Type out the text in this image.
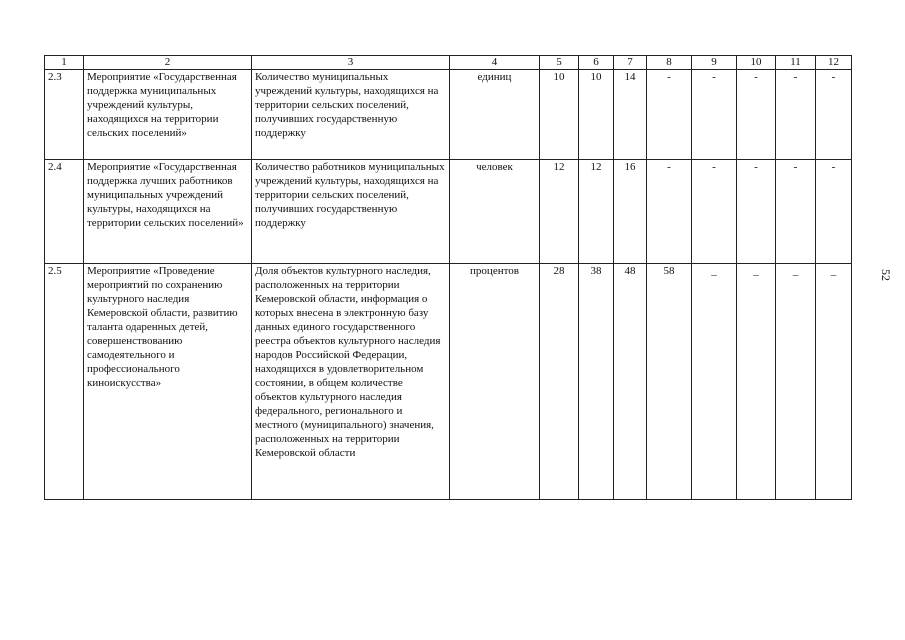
1	2	3	4	5	6	7	8	9	10	11	12
2.3	Мероприятие «Государственная поддержка муниципальных учреждений культуры, находящихся на территории сельских поселений»	Количество муниципальных учреждений культуры, находящихся на территории сельских поселений, получивших государственную поддержку	единиц	10	10	14	-	-	-	-	-
2.4	Мероприятие «Государственная поддержка лучших работников муниципальных учреждений культуры, находящихся на территории сельских поселений»	Количество работников муниципальных учреждений культуры, находящихся на территории сельских поселений, получивших государственную поддержку	человек	12	12	16	-	-	-	-	-
2.5	Мероприятие «Проведение мероприятий по сохранению культурного наследия Кемеровской области, развитию таланта одаренных детей, совершенствованию самодеятельного и профессионального киноискусства»	Доля объектов культурного наследия, расположенных на территории Кемеровской области, информация о которых внесена в электронную базу данных единого государственного реестра объектов культурного наследия народов Российской Федерации, находящихся в удовлетворительном состоянии, в общем количестве объектов культурного наследия федерального, регионального и местного (муниципального) значения, расположенных на территории Кемеровской области	процентов	28	38	48	58	_	_	_	_	52
